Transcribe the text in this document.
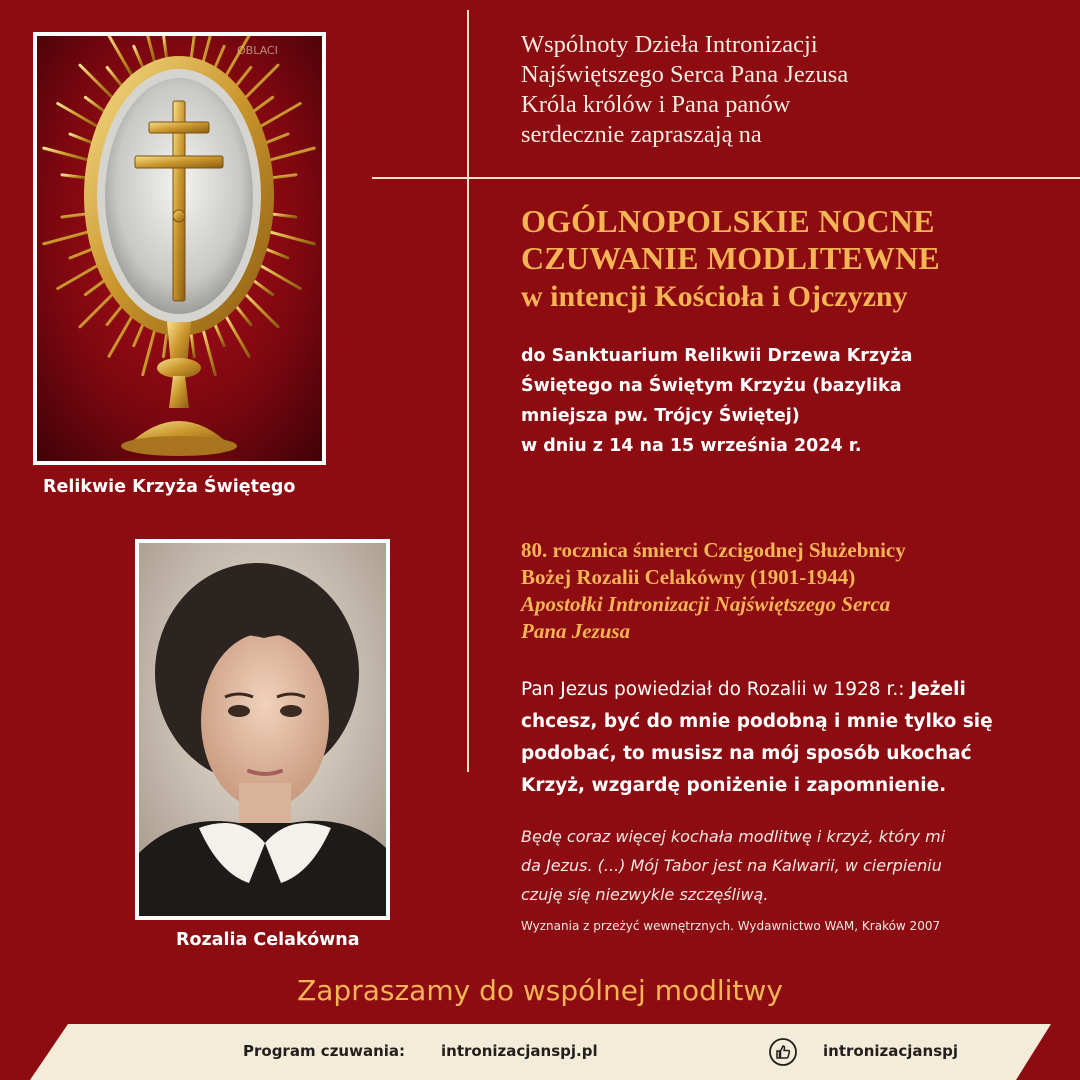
OBLACI
Relikwie Krzyża Świętego
Rozalia Celakówna
Wspólnoty Dzieła Intronizacji
Najświętszego Serca Pana Jezusa
Króla królów i Pana panów
serdecznie zapraszają na
OGÓLNOPOLSKIE NOCNE
CZUWANIE MODLITEWNE
w intencji Kościoła i Ojczyzny
do Sanktuarium Relikwii Drzewa Krzyża
Świętego na Świętym Krzyżu (bazylika
mniejsza pw. Trójcy Świętej)
w dniu z 14 na 15 września 2024 r.
80. rocznica śmierci Czcigodnej Służebnicy
Bożej Rozalii Celakówny (1901-1944)
Apostołki Intronizacji Najświętszego Serca
Pana Jezusa
Pan Jezus powiedział do Rozalii w 1928 r.: Jeżeli
chcesz, być do mnie podobną i mnie tylko się
podobać, to musisz na mój sposób ukochać
Krzyż, wzgardę poniżenie i zapomnienie.
Będę coraz więcej kochała modlitwę i krzyż, który mi
da Jezus. (...) Mój Tabor jest na Kalwarii, w cierpieniu
czuję się niezwykle szczęśliwą.
Wyznania z przeżyć wewnętrznych. Wydawnictwo WAM, Kraków 2007
Zapraszamy do wspólnej modlitwy
Program czuwania: intronizacjanspj.pl	intronizacjanspj
